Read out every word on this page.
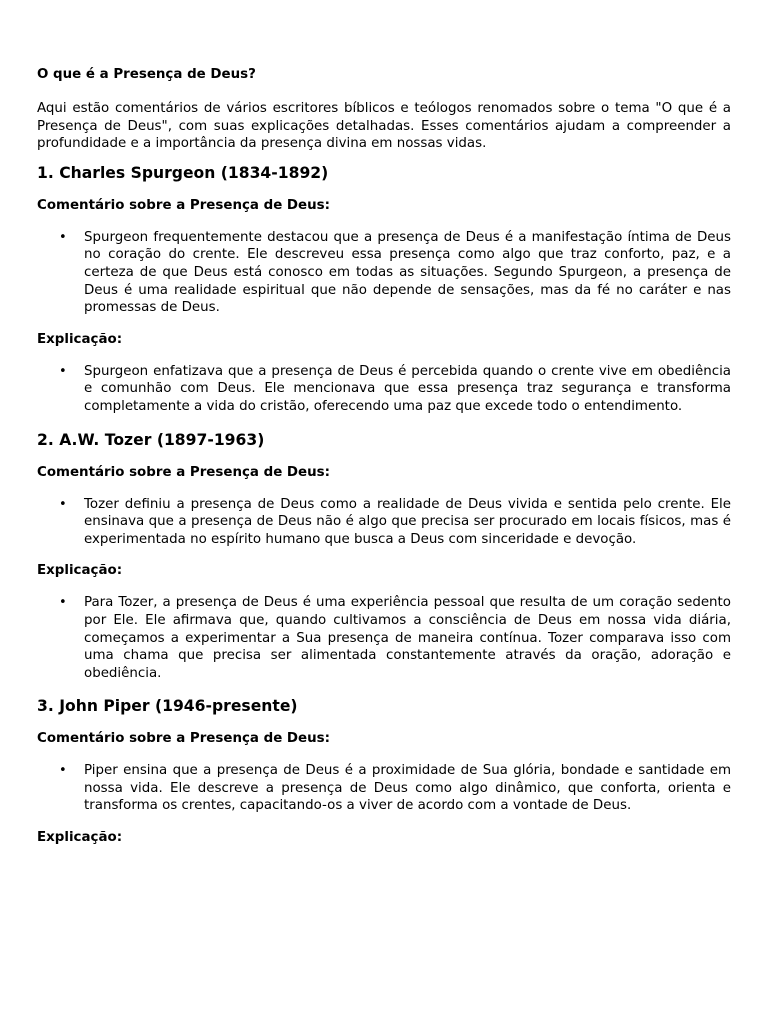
O que é a Presença de Deus?

Aqui estão comentários de vários escritores bíblicos e teólogos renomados sobre o tema "O que é a Presença de Deus", com suas explicações detalhadas. Esses comentários ajudam a compreender a profundidade e a importância da presença divina em nossas vidas.

1. Charles Spurgeon (1834-1892)
Comentário sobre a Presença de Deus:
• Spurgeon frequentemente destacou que a presença de Deus é a manifestação íntima de Deus no coração do crente. Ele descreveu essa presença como algo que traz conforto, paz, e a certeza de que Deus está conosco em todas as situações. Segundo Spurgeon, a presença de Deus é uma realidade espiritual que não depende de sensações, mas da fé no caráter e nas promessas de Deus.
Explicação:
• Spurgeon enfatizava que a presença de Deus é percebida quando o crente vive em obediência e comunhão com Deus. Ele mencionava que essa presença traz segurança e transforma completamente a vida do cristão, oferecendo uma paz que excede todo o entendimento.
2. A.W. Tozer (1897-1963)
Comentário sobre a Presença de Deus:
• Tozer definiu a presença de Deus como a realidade de Deus vivida e sentida pelo crente. Ele ensinava que a presença de Deus não é algo que precisa ser procurado em locais físicos, mas é experimentada no espírito humano que busca a Deus com sinceridade e devoção.
Explicação:
• Para Tozer, a presença de Deus é uma experiência pessoal que resulta de um coração sedento por Ele. Ele afirmava que, quando cultivamos a consciência de Deus em nossa vida diária, começamos a experimentar a Sua presença de maneira contínua. Tozer comparava isso com uma chama que precisa ser alimentada constantemente através da oração, adoração e obediência.
3. John Piper (1946-presente)
Comentário sobre a Presença de Deus:
• Piper ensina que a presença de Deus é a proximidade de Sua glória, bondade e santidade em nossa vida. Ele descreve a presença de Deus como algo dinâmico, que conforta, orienta e transforma os crentes, capacitando-os a viver de acordo com a vontade de Deus.
Explicação:
